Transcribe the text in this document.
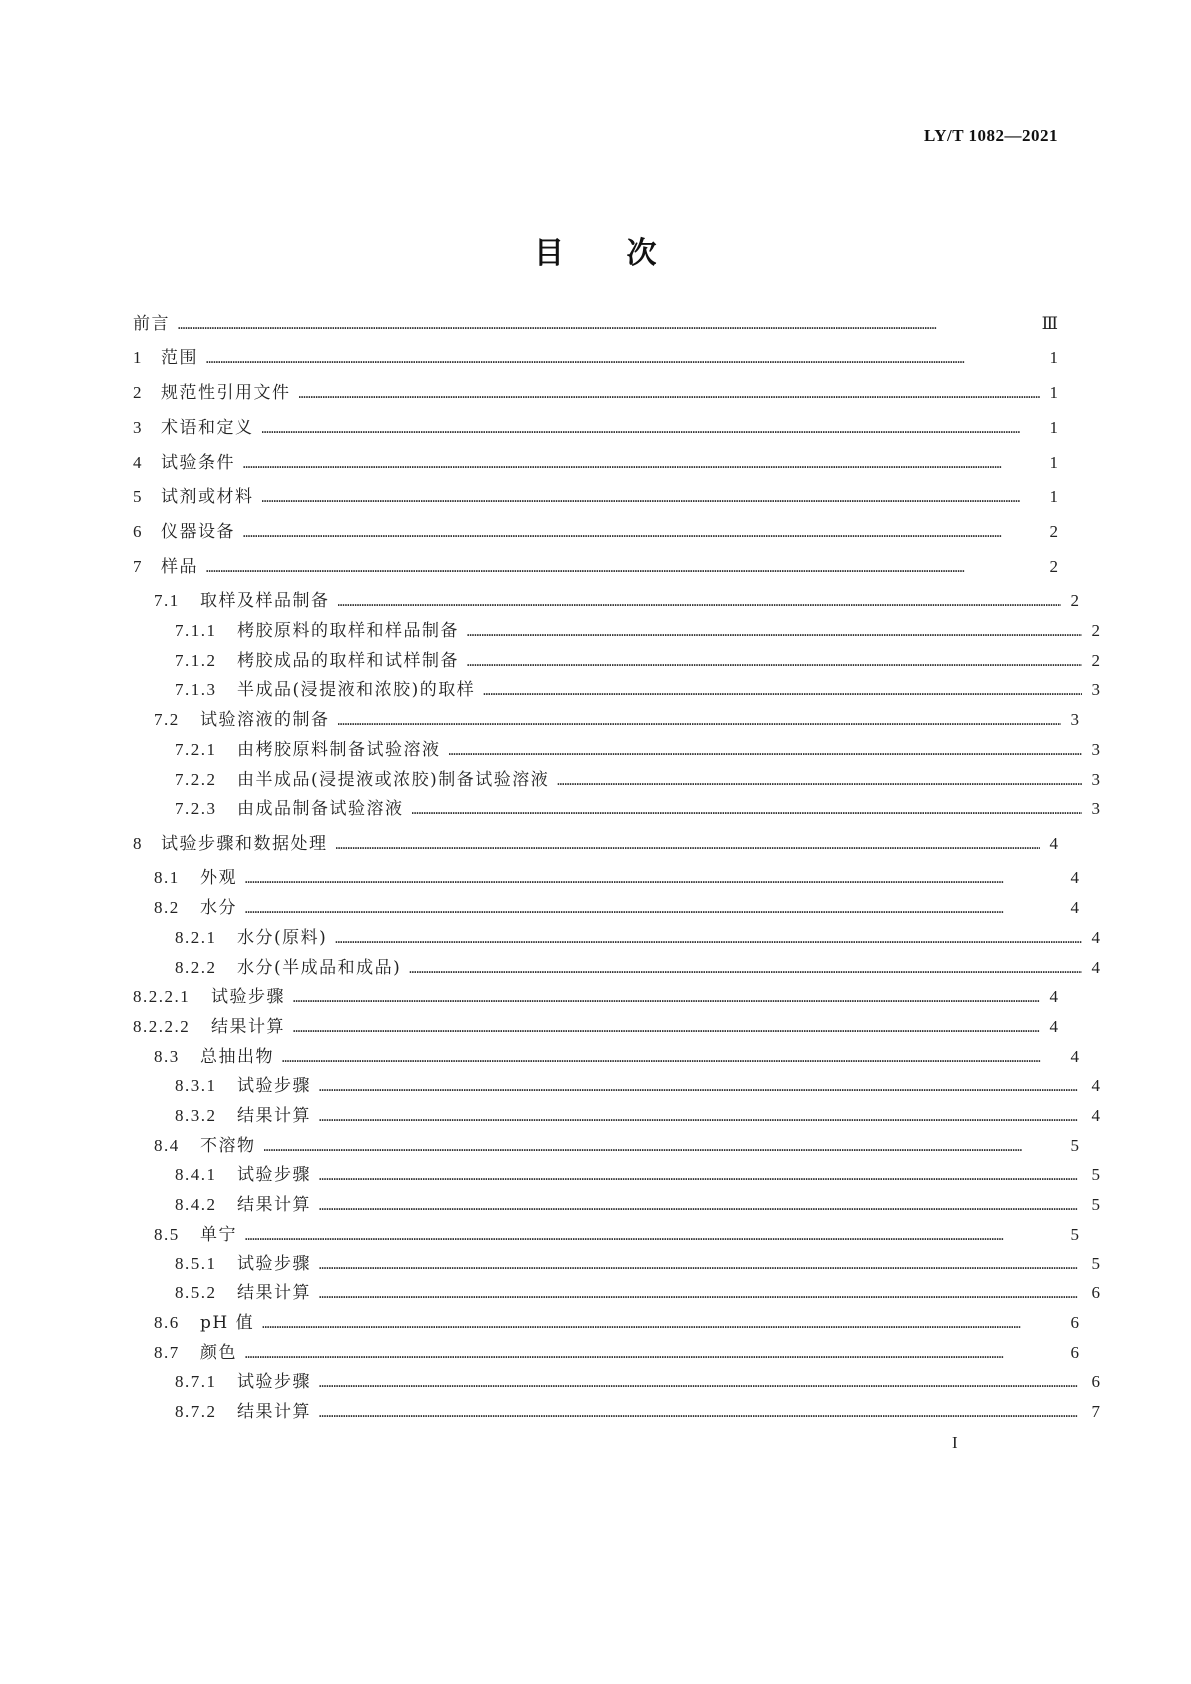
LY/T 1082—2021
目 次
前言 ………………………………………………………………………………………………………………………………………………………………………………………………………………………………………………………………………………………	Ⅲ
1	范围 ………………………………………………………………………………………………………………………………………………………………………………………………………………………………………………………………………………………	1
2	规范性引用文件 ………………………………………………………………………………………………………………………………………………………………………………………………………………………………………………………………………………………	1
3	术语和定义 ………………………………………………………………………………………………………………………………………………………………………………………………………………………………………………………………………………………	1
4	试验条件 ………………………………………………………………………………………………………………………………………………………………………………………………………………………………………………………………………………………	1
5	试剂或材料 ………………………………………………………………………………………………………………………………………………………………………………………………………………………………………………………………………………………	1
6	仪器设备 ………………………………………………………………………………………………………………………………………………………………………………………………………………………………………………………………………………………	2
7	样品 ………………………………………………………………………………………………………………………………………………………………………………………………………………………………………………………………………………………	2
7.1	取样及样品制备 ………………………………………………………………………………………………………………………………………………………………………………………………………………………………………………………………………………………	2
7.1.1	栲胶原料的取样和样品制备 ………………………………………………………………………………………………………………………………………………………………………………………………………………………………………………………………………………………	2
7.1.2	栲胶成品的取样和试样制备 ………………………………………………………………………………………………………………………………………………………………………………………………………………………………………………………………………………………	2
7.1.3	半成品(浸提液和浓胶)的取样 ………………………………………………………………………………………………………………………………………………………………………………………………………………………………………………………………………………………	3
7.2	试验溶液的制备 ………………………………………………………………………………………………………………………………………………………………………………………………………………………………………………………………………………………	3
7.2.1	由栲胶原料制备试验溶液 ………………………………………………………………………………………………………………………………………………………………………………………………………………………………………………………………………………………	3
7.2.2	由半成品(浸提液或浓胶)制备试验溶液 ………………………………………………………………………………………………………………………………………………………………………………………………………………………………………………………………………………………	3
7.2.3	由成品制备试验溶液 ………………………………………………………………………………………………………………………………………………………………………………………………………………………………………………………………………………………	3
8	试验步骤和数据处理 ………………………………………………………………………………………………………………………………………………………………………………………………………………………………………………………………………………………	4
8.1	外观 ………………………………………………………………………………………………………………………………………………………………………………………………………………………………………………………………………………………	4
8.2	水分 ………………………………………………………………………………………………………………………………………………………………………………………………………………………………………………………………………………………	4
8.2.1	水分(原料) ………………………………………………………………………………………………………………………………………………………………………………………………………………………………………………………………………………………	4
8.2.2	水分(半成品和成品) ………………………………………………………………………………………………………………………………………………………………………………………………………………………………………………………………………………………	4
8.2.2.1	试验步骤 ………………………………………………………………………………………………………………………………………………………………………………………………………………………………………………………………………………………	4
8.2.2.2	结果计算 ………………………………………………………………………………………………………………………………………………………………………………………………………………………………………………………………………………………	4
8.3	总抽出物 ………………………………………………………………………………………………………………………………………………………………………………………………………………………………………………………………………………………	4
8.3.1	试验步骤 ………………………………………………………………………………………………………………………………………………………………………………………………………………………………………………………………………………………	4
8.3.2	结果计算 ………………………………………………………………………………………………………………………………………………………………………………………………………………………………………………………………………………………	4
8.4	不溶物 ………………………………………………………………………………………………………………………………………………………………………………………………………………………………………………………………………………………	5
8.4.1	试验步骤 ………………………………………………………………………………………………………………………………………………………………………………………………………………………………………………………………………………………	5
8.4.2	结果计算 ………………………………………………………………………………………………………………………………………………………………………………………………………………………………………………………………………………………	5
8.5	单宁 ………………………………………………………………………………………………………………………………………………………………………………………………………………………………………………………………………………………	5
8.5.1	试验步骤 ………………………………………………………………………………………………………………………………………………………………………………………………………………………………………………………………………………………	5
8.5.2	结果计算 ………………………………………………………………………………………………………………………………………………………………………………………………………………………………………………………………………………………	6
8.6	pH 值 ………………………………………………………………………………………………………………………………………………………………………………………………………………………………………………………………………………………	6
8.7	颜色 ………………………………………………………………………………………………………………………………………………………………………………………………………………………………………………………………………………………	6
8.7.1	试验步骤 ………………………………………………………………………………………………………………………………………………………………………………………………………………………………………………………………………………………	6
8.7.2	结果计算 ………………………………………………………………………………………………………………………………………………………………………………………………………………………………………………………………………………………	7
I
